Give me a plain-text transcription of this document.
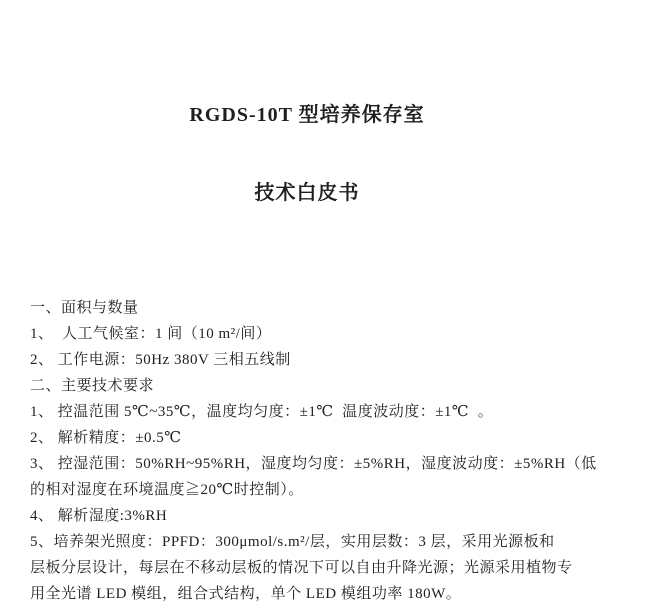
RGDS-10T 型培养保存室

技术白皮书

一、面积与数量
1、  人工气候室：1 间（10 m²/间）
2、 工作电源：50Hz 380V 三相五线制
二、主要技术要求
1、 控温范围 5℃~35℃，温度均匀度：±1℃  温度波动度：±1℃  。
2、 解析精度：±0.5℃
3、 控湿范围：50%RH~95%RH，湿度均匀度：±5%RH，湿度波动度：±5%RH（低
的相对湿度在环境温度≧20℃时控制）。
4、 解析湿度:3%RH
5、培养架光照度：PPFD：300μmol/s.m²/层，实用层数：3 层，采用光源板和
层板分层设计，每层在不移动层板的情况下可以自由升降光源；光源采用植物专
用全光谱 LED 模组，组合式结构，单个 LED 模组功率 180W。
